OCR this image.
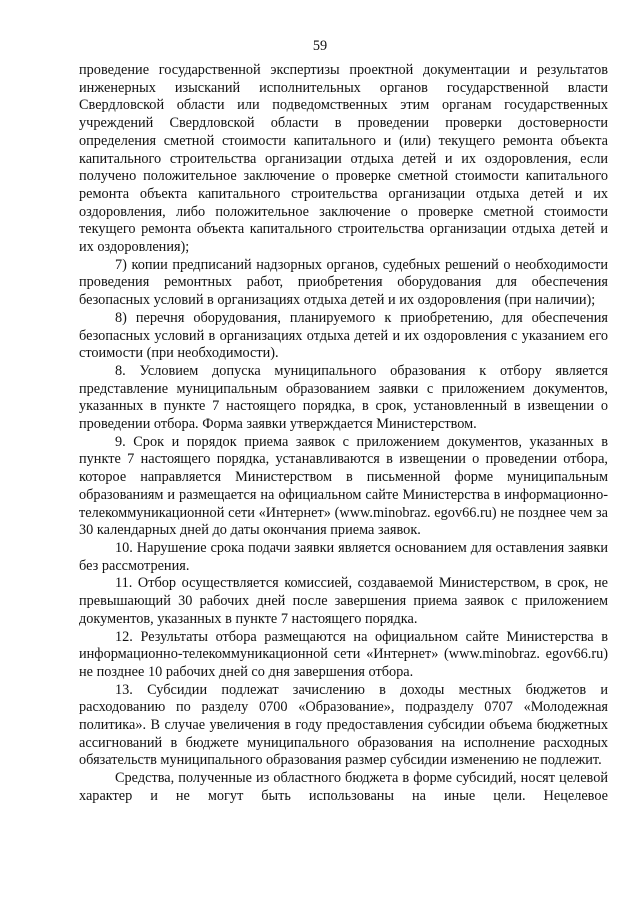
59

проведение государственной экспертизы проектной документации и результатов инженерных изысканий исполнительных органов государственной власти Свердловской области или подведомственных этим органам государственных учреждений Свердловской области в проведении проверки достоверности определения сметной стоимости капитального и (или) текущего ремонта объекта капитального строительства организации отдыха детей и их оздоровления, если получено положительное заключение о проверке сметной стоимости капитального ремонта объекта капитального строительства организации отдыха детей и их оздоровления, либо положительное заключение о проверке сметной стоимости текущего ремонта объекта капитального строительства организации отдыха детей и их оздоровления);

7) копии предписаний надзорных органов, судебных решений о необходимости проведения ремонтных работ, приобретения оборудования для обеспечения безопасных условий в организациях отдыха детей и их оздоровления (при наличии);

8) перечня оборудования, планируемого к приобретению, для обеспечения безопасных условий в организациях отдыха детей и их оздоровления с указанием его стоимости (при необходимости).

8. Условием допуска муниципального образования к отбору является представление муниципальным образованием заявки с приложением документов, указанных в пункте 7 настоящего порядка, в срок, установленный в извещении о проведении отбора. Форма заявки утверждается Министерством.

9. Срок и порядок приема заявок с приложением документов, указанных в пункте 7 настоящего порядка, устанавливаются в извещении о проведении отбора, которое направляется Министерством в письменной форме муниципальным образованиям и размещается на официальном сайте Министерства в информационно-телекоммуникационной сети «Интернет» (www.minobraz. egov66.ru) не позднее чем за 30 календарных дней до даты окончания приема заявок.

10. Нарушение срока подачи заявки является основанием для оставления заявки без рассмотрения.

11. Отбор осуществляется комиссией, создаваемой Министерством, в срок, не превышающий 30 рабочих дней после завершения приема заявок с приложением документов, указанных в пункте 7 настоящего порядка.

12. Результаты отбора размещаются на официальном сайте Министерства в информационно-телекоммуникационной сети «Интернет» (www.minobraz. egov66.ru) не позднее 10 рабочих дней со дня завершения отбора.

13. Субсидии подлежат зачислению в доходы местных бюджетов и расходованию по разделу 0700 «Образование», подразделу 0707 «Молодежная политика». В случае увеличения в году предоставления субсидии объема бюджетных ассигнований в бюджете муниципального образования на исполнение расходных обязательств муниципального образования размер субсидии изменению не подлежит.

Средства, полученные из областного бюджета в форме субсидий, носят целевой характер и не могут быть использованы на иные цели. Нецелевое
